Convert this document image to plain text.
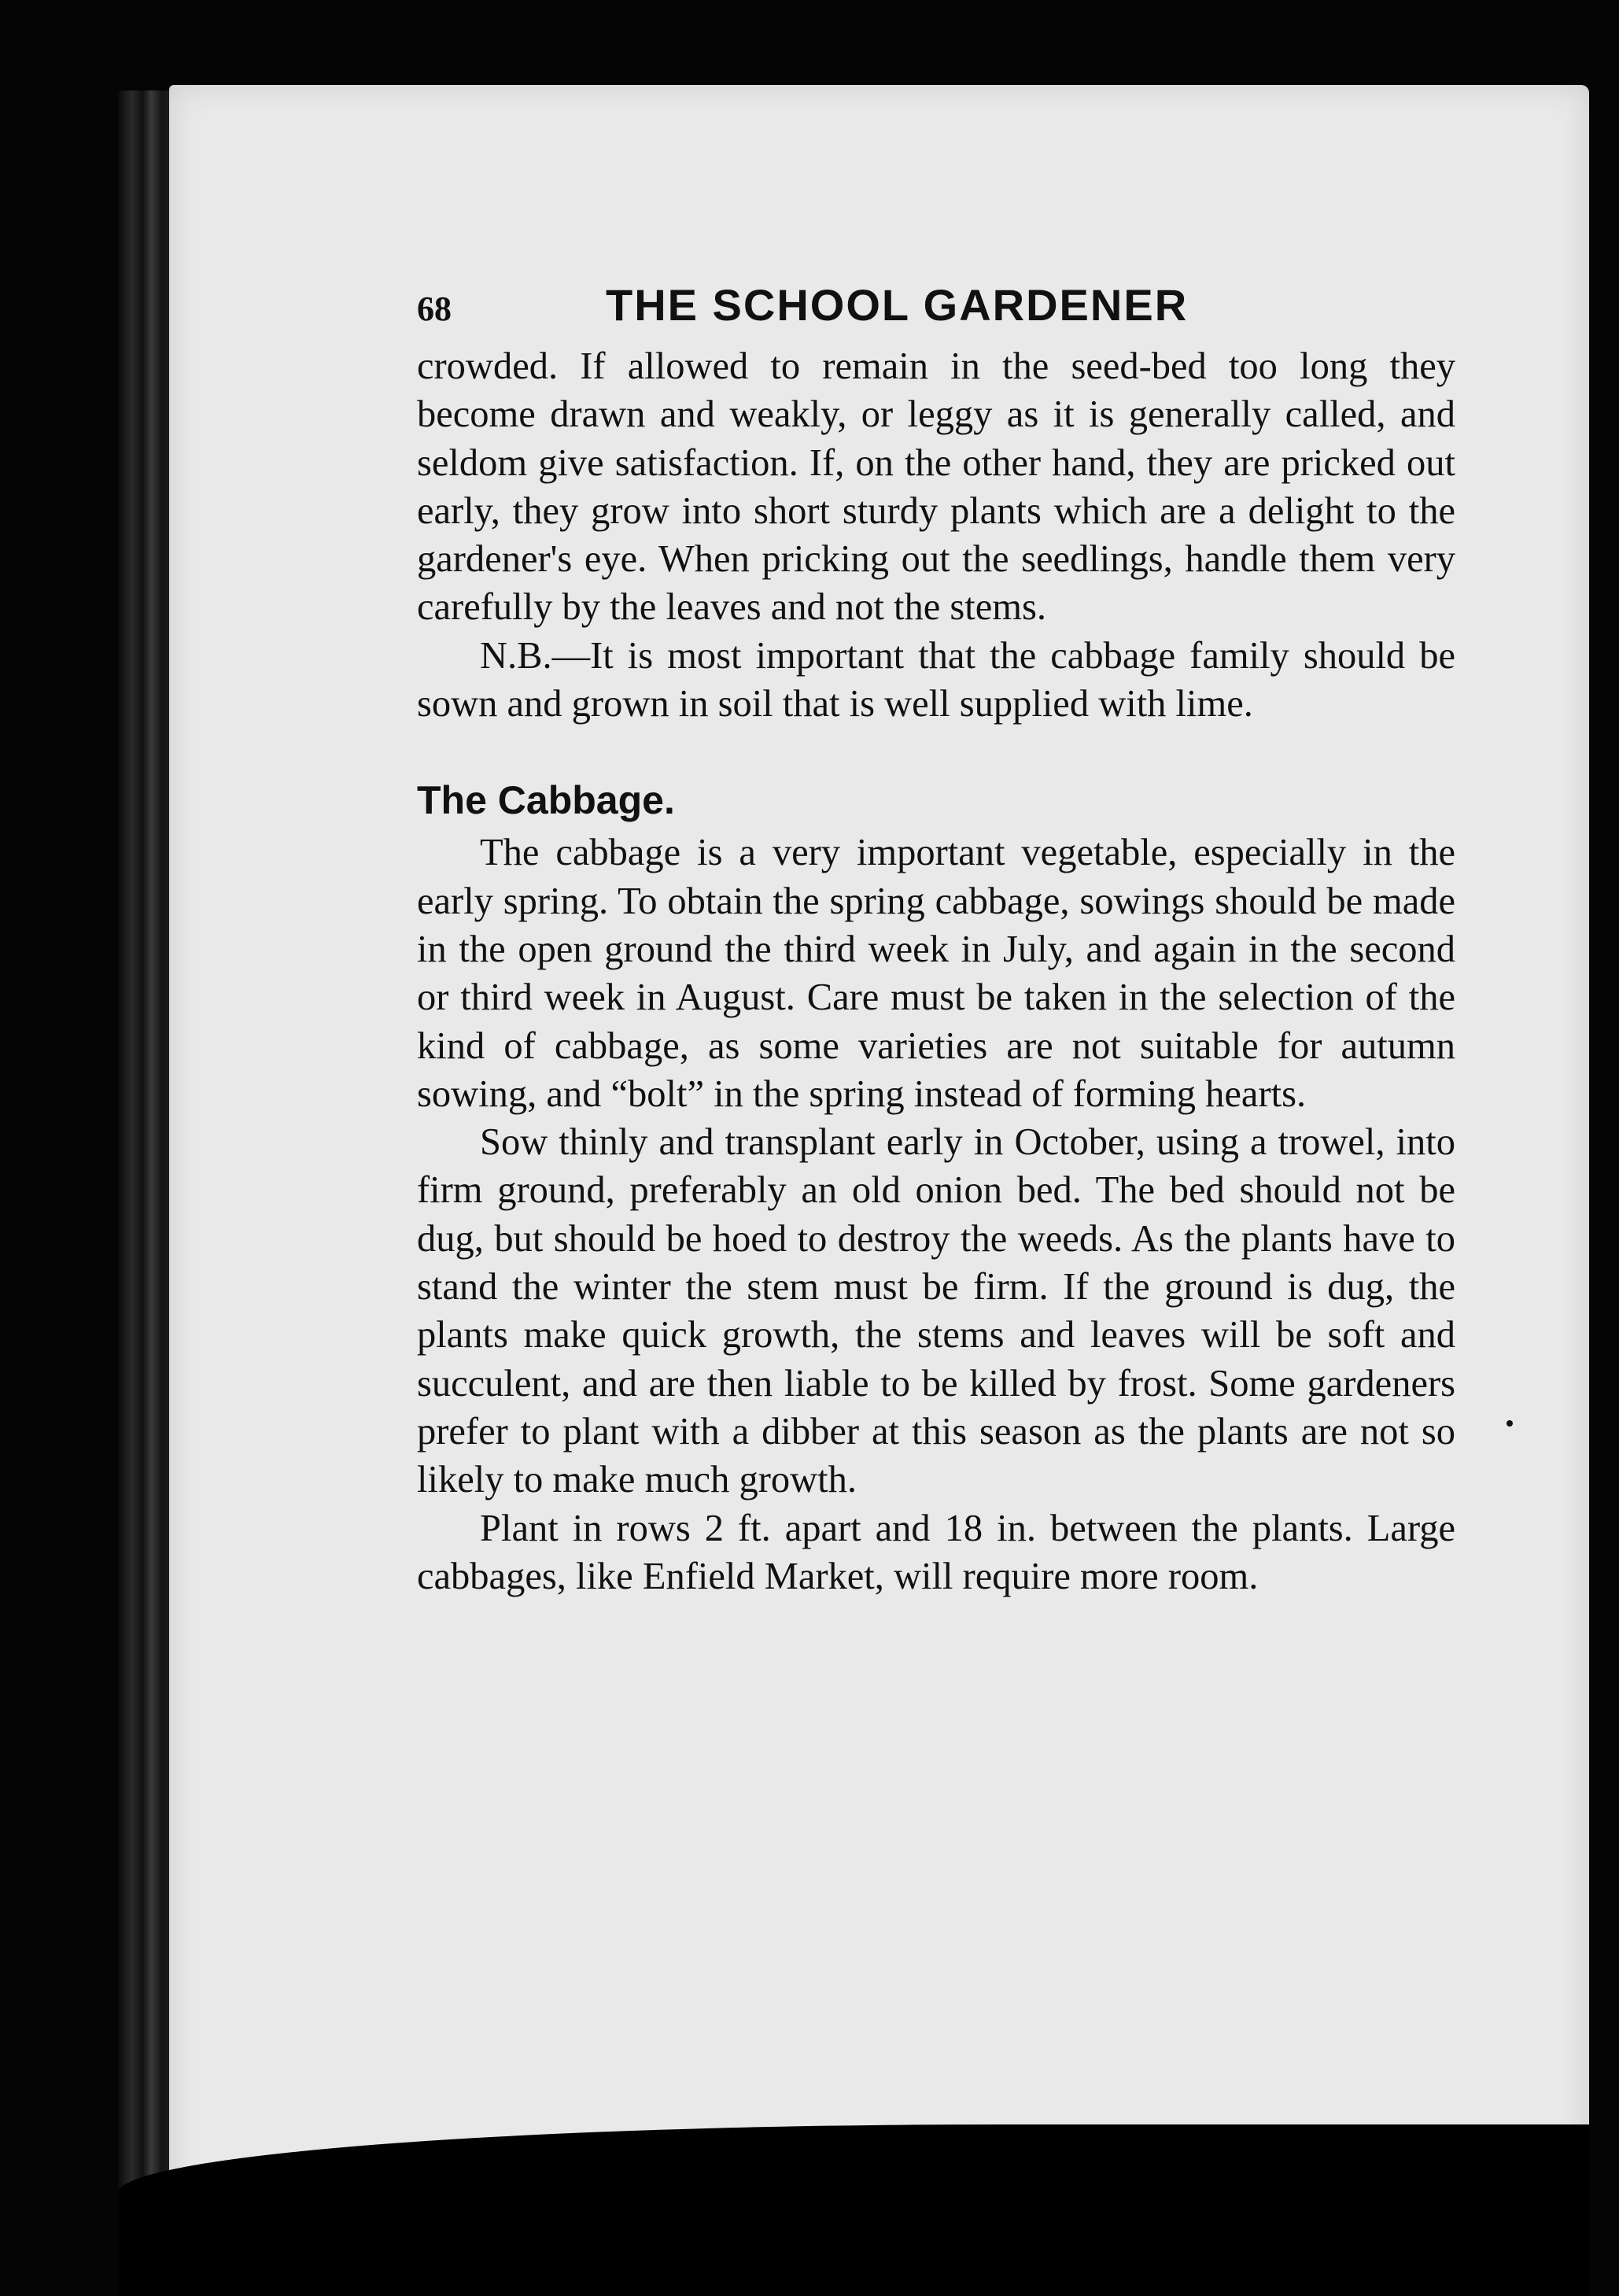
68	THE SCHOOL GARDENER

crowded. If allowed to remain in the seed-bed too long they become drawn and weakly, or leggy as it is generally called, and seldom give satisfaction. If, on the other hand, they are pricked out early, they grow into short sturdy plants which are a delight to the gardener's eye. When pricking out the seedlings, handle them very carefully by the leaves and not the stems.

N.B.—It is most important that the cabbage family should be sown and grown in soil that is well supplied with lime.

The Cabbage.

The cabbage is a very important vegetable, especially in the early spring. To obtain the spring cabbage, sowings should be made in the open ground the third week in July, and again in the second or third week in August. Care must be taken in the selection of the kind of cabbage, as some varieties are not suitable for autumn sowing, and “bolt” in the spring instead of forming hearts.

Sow thinly and transplant early in October, using a trowel, into firm ground, preferably an old onion bed. The bed should not be dug, but should be hoed to destroy the weeds. As the plants have to stand the winter the stem must be firm. If the ground is dug, the plants make quick growth, the stems and leaves will be soft and succulent, and are then liable to be killed by frost. Some gardeners prefer to plant with a dibber at this season as the plants are not so likely to make much growth.

Plant in rows 2 ft. apart and 18 in. between the plants. Large cabbages, like Enfield Market, will require more room.
